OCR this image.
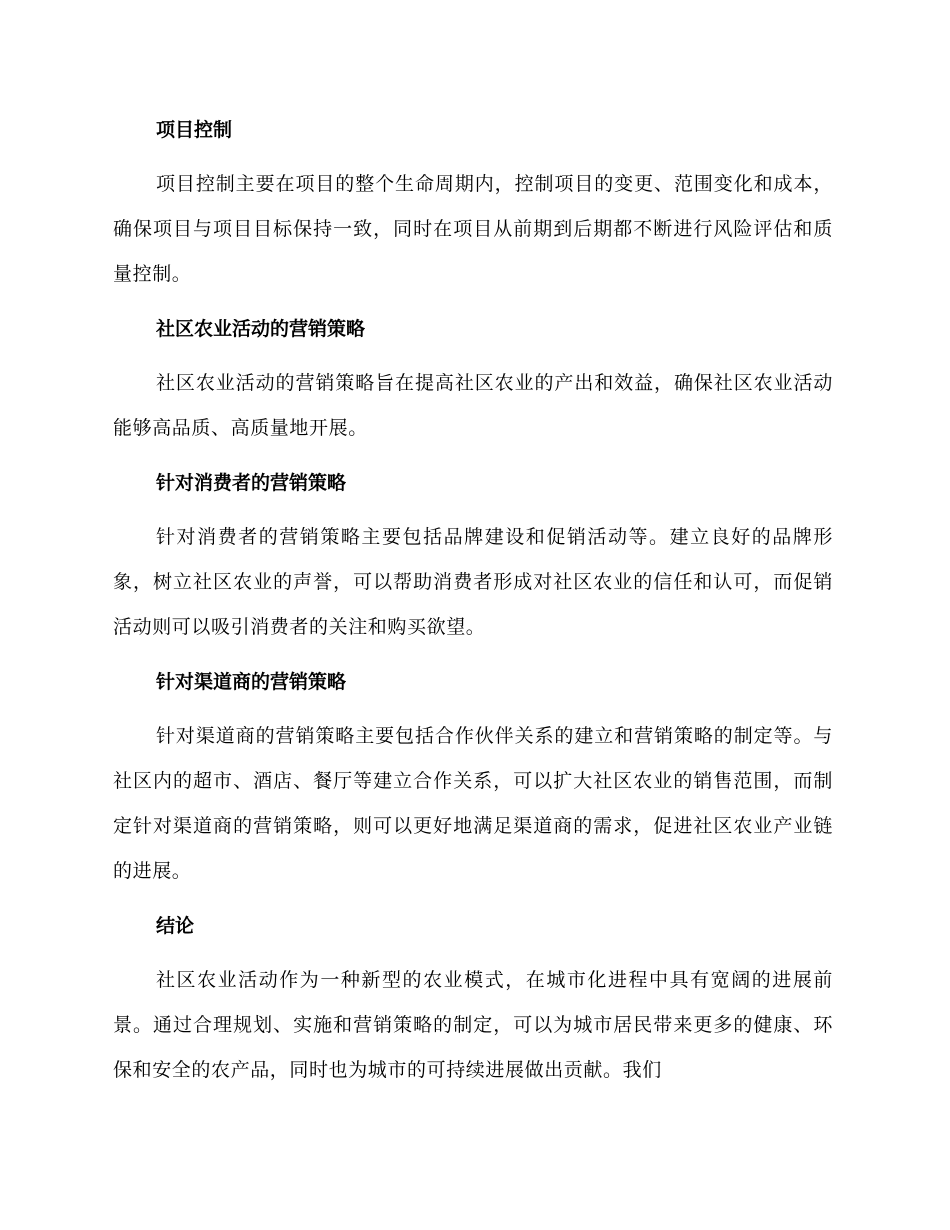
项目控制

项目控制主要在项目的整个生命周期内，控制项目的变更、范围变化和成本，确保项目与项目目标保持一致，同时在项目从前期到后期都不断进行风险评估和质量控制。

社区农业活动的营销策略

社区农业活动的营销策略旨在提高社区农业的产出和效益，确保社区农业活动能够高品质、高质量地开展。

针对消费者的营销策略

针对消费者的营销策略主要包括品牌建设和促销活动等。建立良好的品牌形象，树立社区农业的声誉，可以帮助消费者形成对社区农业的信任和认可，而促销活动则可以吸引消费者的关注和购买欲望。

针对渠道商的营销策略

针对渠道商的营销策略主要包括合作伙伴关系的建立和营销策略的制定等。与社区内的超市、酒店、餐厅等建立合作关系，可以扩大社区农业的销售范围，而制定针对渠道商的营销策略，则可以更好地满足渠道商的需求，促进社区农业产业链的进展。

结论

社区农业活动作为一种新型的农业模式，在城市化进程中具有宽阔的进展前景。通过合理规划、实施和营销策略的制定，可以为城市居民带来更多的健康、环保和安全的农产品，同时也为城市的可持续进展做出贡献。我们
